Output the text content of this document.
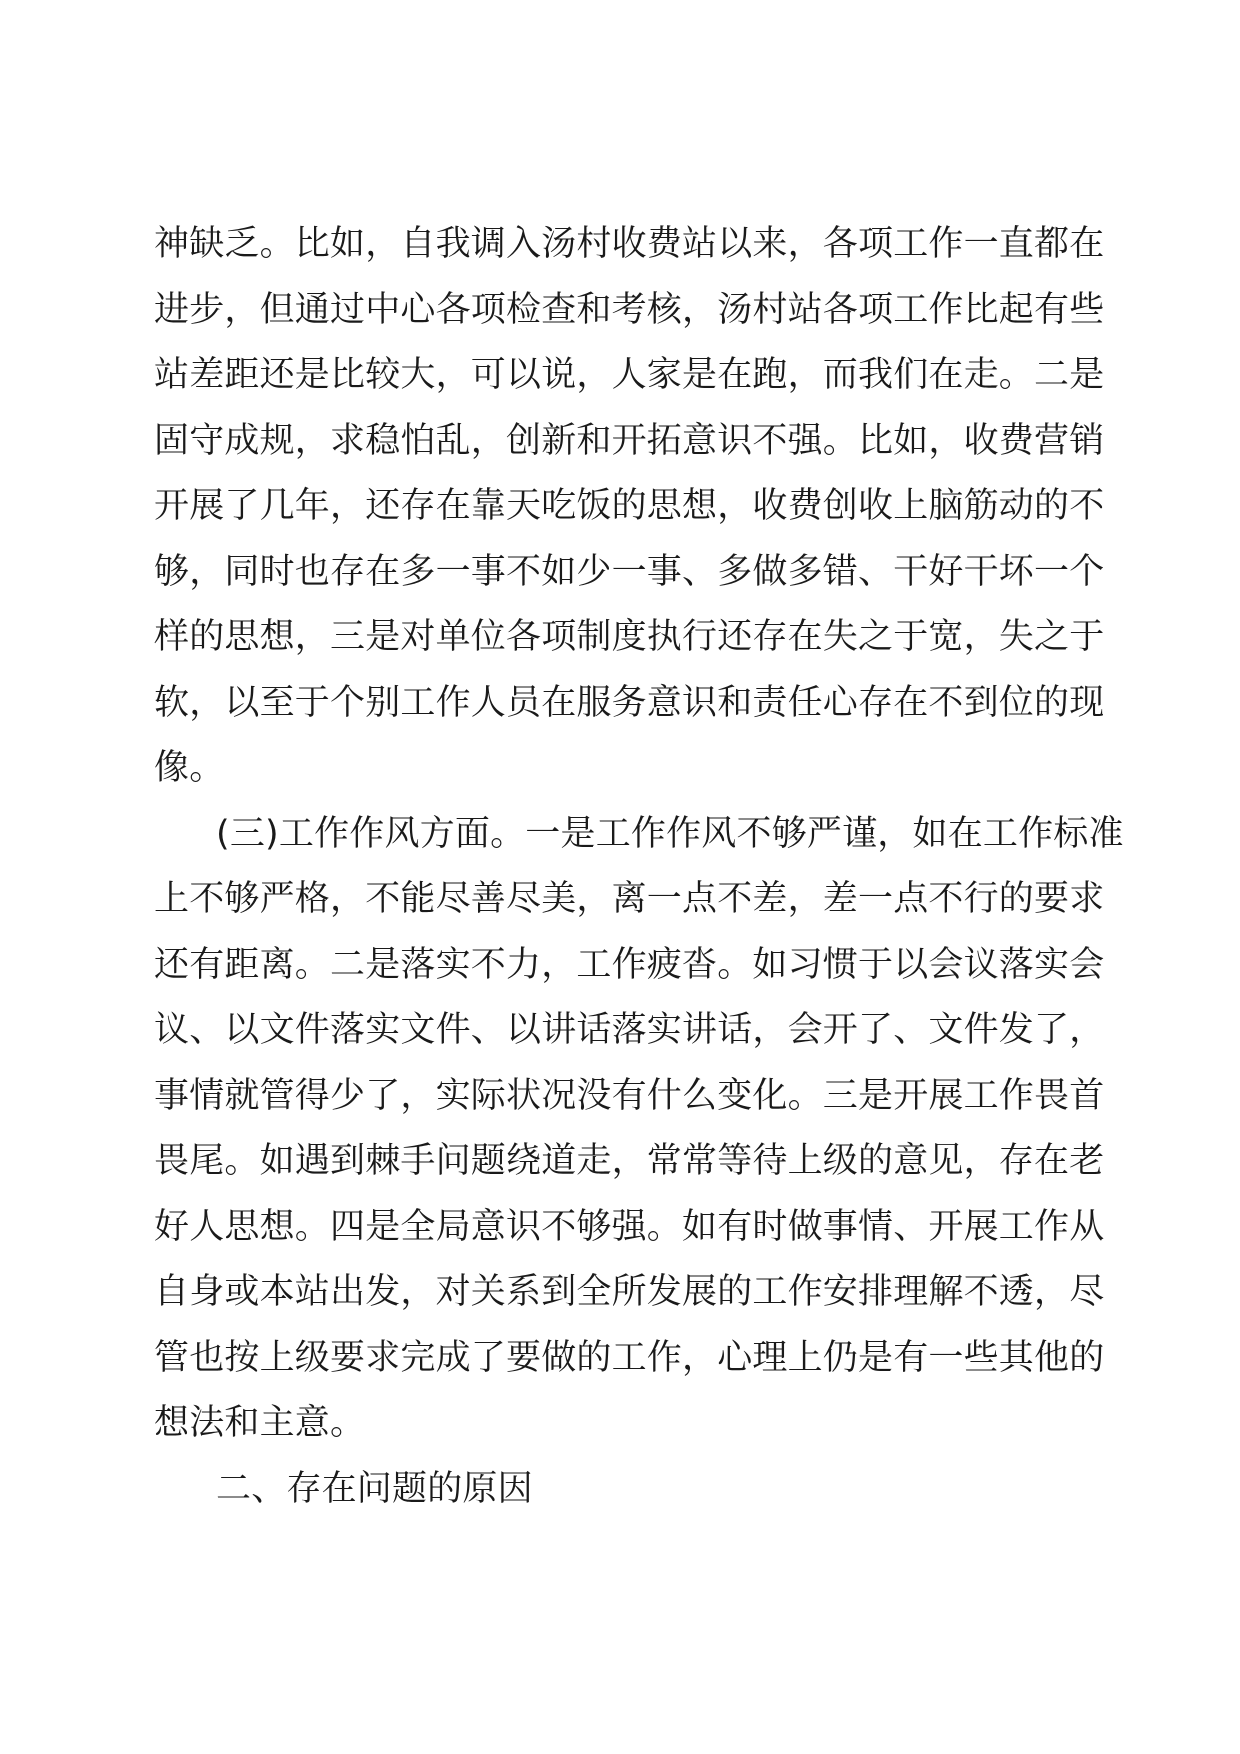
神缺乏。比如，自我调入汤村收费站以来，各项工作一直都在
进步，但通过中心各项检查和考核，汤村站各项工作比起有些
站差距还是比较大，可以说，人家是在跑，而我们在走。二是
固守成规，求稳怕乱，创新和开拓意识不强。比如，收费营销
开展了几年，还存在靠天吃饭的思想，收费创收上脑筋动的不
够，同时也存在多一事不如少一事、多做多错、干好干坏一个
样的思想，三是对单位各项制度执行还存在失之于宽，失之于
软，以至于个别工作人员在服务意识和责任心存在不到位的现
像。
(三)工作作风方面。一是工作作风不够严谨，如在工作标准
上不够严格，不能尽善尽美，离一点不差，差一点不行的要求
还有距离。二是落实不力，工作疲沓。如习惯于以会议落实会
议、以文件落实文件、以讲话落实讲话，会开了、文件发了，
事情就管得少了，实际状况没有什么变化。三是开展工作畏首
畏尾。如遇到棘手问题绕道走，常常等待上级的意见，存在老
好人思想。四是全局意识不够强。如有时做事情、开展工作从
自身或本站出发，对关系到全所发展的工作安排理解不透，尽
管也按上级要求完成了要做的工作，心理上仍是有一些其他的
想法和主意。
二、存在问题的原因
